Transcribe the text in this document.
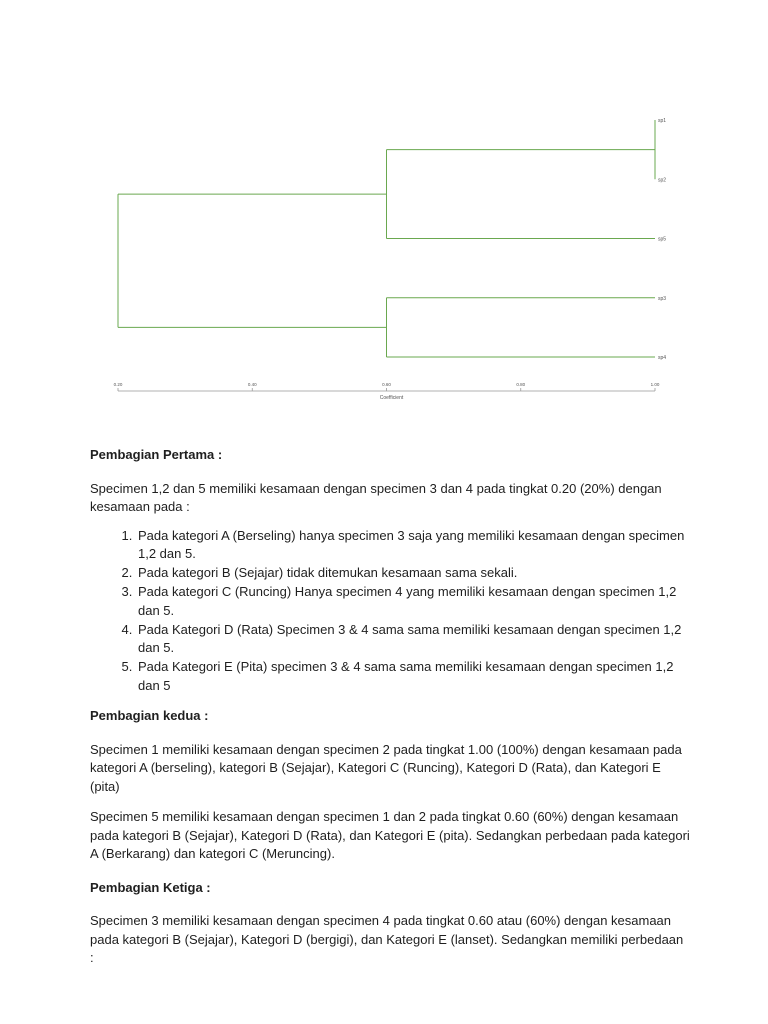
sp1
sp2
sp5
sp3
sp4
0.20	0.40	0.60	0.80	1.00
Coefficient

Pembagian Pertama :

Specimen 1,2 dan 5 memiliki kesamaan dengan specimen 3 dan 4 pada tingkat 0.20 (20%) dengan kesamaan pada :

1. Pada kategori A (Berseling) hanya specimen 3 saja yang memiliki kesamaan dengan specimen 1,2 dan 5.
2. Pada kategori B (Sejajar) tidak ditemukan kesamaan sama sekali.
3. Pada kategori C (Runcing) Hanya specimen 4 yang memiliki kesamaan dengan specimen 1,2 dan 5.
4. Pada Kategori D (Rata) Specimen 3 & 4 sama sama memiliki kesamaan dengan specimen 1,2 dan 5.
5. Pada Kategori E (Pita) specimen 3 & 4 sama sama memiliki kesamaan dengan specimen 1,2 dan 5

Pembagian kedua :

Specimen 1 memiliki kesamaan dengan specimen 2 pada tingkat 1.00 (100%) dengan kesamaan pada kategori A (berseling), kategori B (Sejajar), Kategori C (Runcing), Kategori D (Rata), dan Kategori E (pita)

Specimen 5 memiliki kesamaan dengan specimen 1 dan 2 pada tingkat 0.60 (60%) dengan kesamaan pada kategori B (Sejajar), Kategori D (Rata), dan Kategori E (pita). Sedangkan perbedaan pada kategori A (Berkarang) dan kategori C (Meruncing).

Pembagian Ketiga :

Specimen 3 memiliki kesamaan dengan specimen 4 pada tingkat 0.60 atau (60%) dengan kesamaan pada kategori B (Sejajar), Kategori D (bergigi), dan Kategori E (lanset). Sedangkan memiliki perbedaan :
